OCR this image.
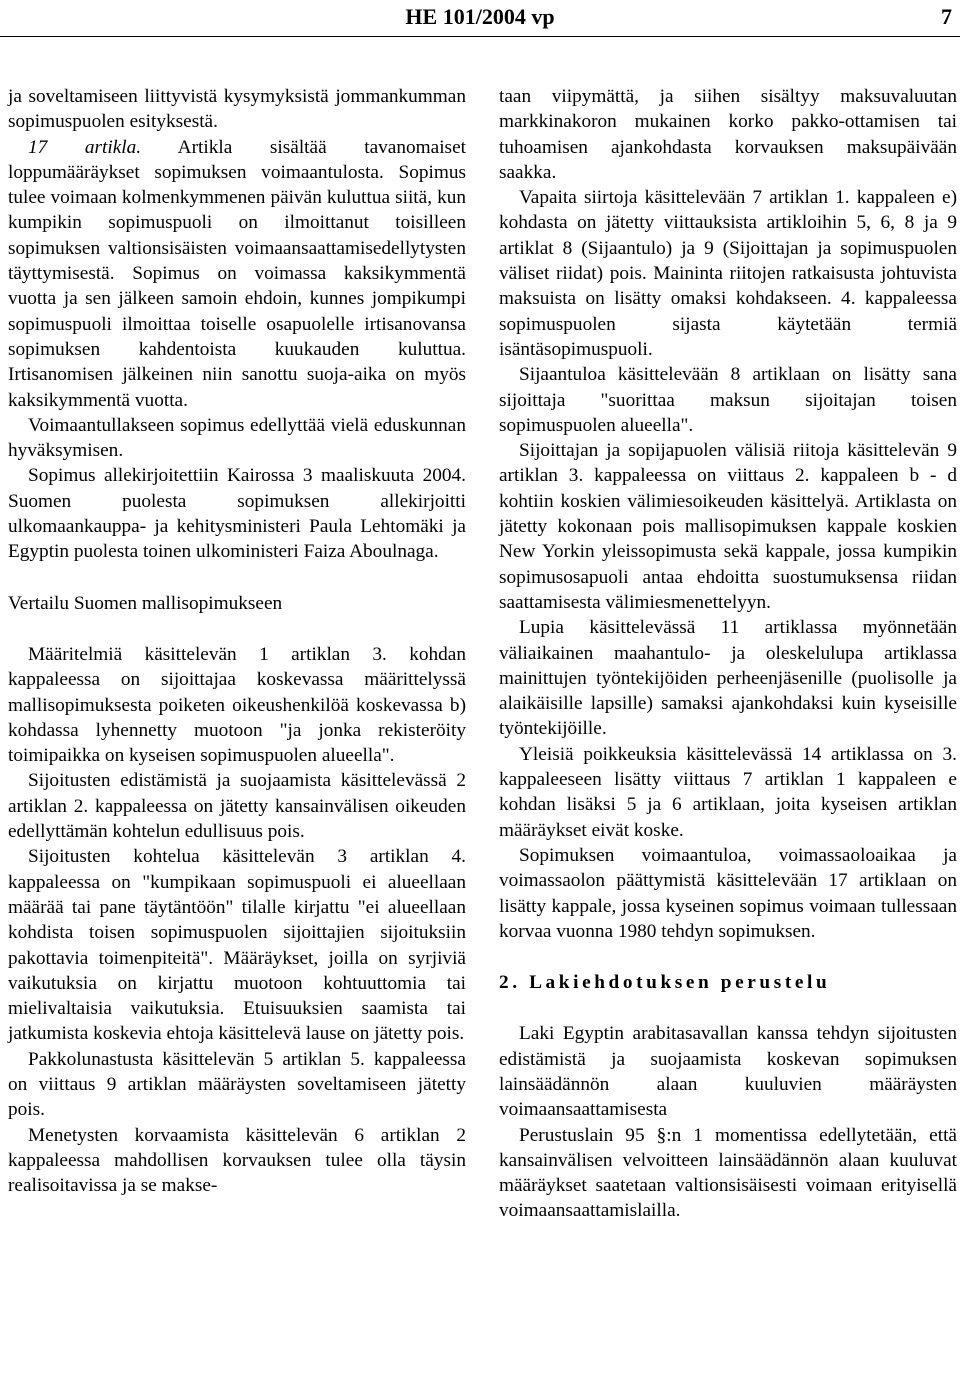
HE 101/2004 vp	7

ja soveltamiseen liittyvistä kysymyksistä jommankumman sopimuspuolen esityksestä.

17 artikla. Artikla sisältää tavanomaiset loppumääräykset sopimuksen voimaantulosta. Sopimus tulee voimaan kolmenkymmenen päivän kuluttua siitä, kun kumpikin sopimuspuoli on ilmoittanut toisilleen sopimuksen valtionsisäisten voimaansaattamisedellytysten täyttymisestä. Sopimus on voimassa kaksikymmentä vuotta ja sen jälkeen samoin ehdoin, kunnes jompikumpi sopimuspuoli ilmoittaa toiselle osapuolelle irtisanovansa sopimuksen kahdentoista kuukauden kuluttua. Irtisanomisen jälkeinen niin sanottu suoja-aika on myös kaksikymmentä vuotta.

Voimaantullakseen sopimus edellyttää vielä eduskunnan hyväksymisen.

Sopimus allekirjoitettiin Kairossa 3 maaliskuuta 2004. Suomen puolesta sopimuksen allekirjoitti ulkomaankauppa- ja kehitysministeri Paula Lehtomäki ja Egyptin puolesta toinen ulkoministeri Faiza Aboulnaga.

Vertailu Suomen mallisopimukseen

Määritelmiä käsittelevän 1 artiklan 3. kohdan kappaleessa on sijoittajaa koskevassa määrittelyssä mallisopimuksesta poiketen oikeushenkilöä koskevassa b) kohdassa lyhennetty muotoon "ja jonka rekisteröity toimipaikka on kyseisen sopimuspuolen alueella".

Sijoitusten edistämistä ja suojaamista käsittelevässä 2 artiklan 2. kappaleessa on jätetty kansainvälisen oikeuden edellyttämän kohtelun edullisuus pois.

Sijoitusten kohtelua käsittelevän 3 artiklan 4. kappaleessa on "kumpikaan sopimuspuoli ei alueellaan määrää tai pane täytäntöön" tilalle kirjattu "ei alueellaan kohdista toisen sopimuspuolen sijoittajien sijoituksiin pakottavia toimenpiteitä". Määräykset, joilla on syrjiviä vaikutuksia on kirjattu muotoon kohtuuttomia tai mielivaltaisia vaikutuksia. Etuisuuksien saamista tai jatkumista koskevia ehtoja käsittelevä lause on jätetty pois.

Pakkolunastusta käsittelevän 5 artiklan 5. kappaleessa on viittaus 9 artiklan määräysten soveltamiseen jätetty pois.

Menetysten korvaamista käsittelevän 6 artiklan 2 kappaleessa mahdollisen korvauksen tulee olla täysin realisoitavissa ja se makse-

taan viipymättä, ja siihen sisältyy maksuvaluutan markkinakoron mukainen korko pakko-ottamisen tai tuhoamisen ajankohdasta korvauksen maksupäivään saakka.

Vapaita siirtoja käsittelevään 7 artiklan 1. kappaleen e) kohdasta on jätetty viittauksista artikloihin 5, 6, 8 ja 9 artiklat 8 (Sijaantulo) ja 9 (Sijoittajan ja sopimuspuolen väliset riidat) pois. Maininta riitojen ratkaisusta johtuvista maksuista on lisätty omaksi kohdakseen. 4. kappaleessa sopimuspuolen sijasta käytetään termiä isäntäsopimuspuoli.

Sijaantuloa käsittelevään 8 artiklaan on lisätty sana sijoittaja "suorittaa maksun sijoitajan toisen sopimuspuolen alueella".

Sijoittajan ja sopijapuolen välisiä riitoja käsittelevän 9 artiklan 3. kappaleessa on viittaus 2. kappaleen b - d kohtiin koskien välimiesoikeuden käsittelyä. Artiklasta on jätetty kokonaan pois mallisopimuksen kappale koskien New Yorkin yleissopimusta sekä kappale, jossa kumpikin sopimusosapuoli antaa ehdoitta suostumuksensa riidan saattamisesta välimiesmenettelyyn.

Lupia käsittelevässä 11 artiklassa myönnetään väliaikainen maahantulo- ja oleskelulupa artiklassa mainittujen työntekijöiden perheenjäsenille (puolisolle ja alaikäisille lapsille) samaksi ajankohdaksi kuin kyseisille työntekijöille.

Yleisiä poikkeuksia käsittelevässä 14 artiklassa on 3. kappaleeseen lisätty viittaus 7 artiklan 1 kappaleen e kohdan lisäksi 5 ja 6 artiklaan, joita kyseisen artiklan määräykset eivät koske.

Sopimuksen voimaantuloa, voimassaoloaikaa ja voimassaolon päättymistä käsittelevään 17 artiklaan on lisätty kappale, jossa kyseinen sopimus voimaan tullessaan korvaa vuonna 1980 tehdyn sopimuksen.

2. Lakiehdotuksen perustelu

Laki Egyptin arabitasavallan kanssa tehdyn sijoitusten edistämistä ja suojaamista koskevan sopimuksen lainsäädännön alaan kuuluvien määräysten voimaansaattamisesta

Perustuslain 95 §:n 1 momentissa edellytetään, että kansainvälisen velvoitteen lainsäädännön alaan kuuluvat määräykset saatetaan valtionsisäisesti voimaan erityisellä voimaansaattamislailla.
